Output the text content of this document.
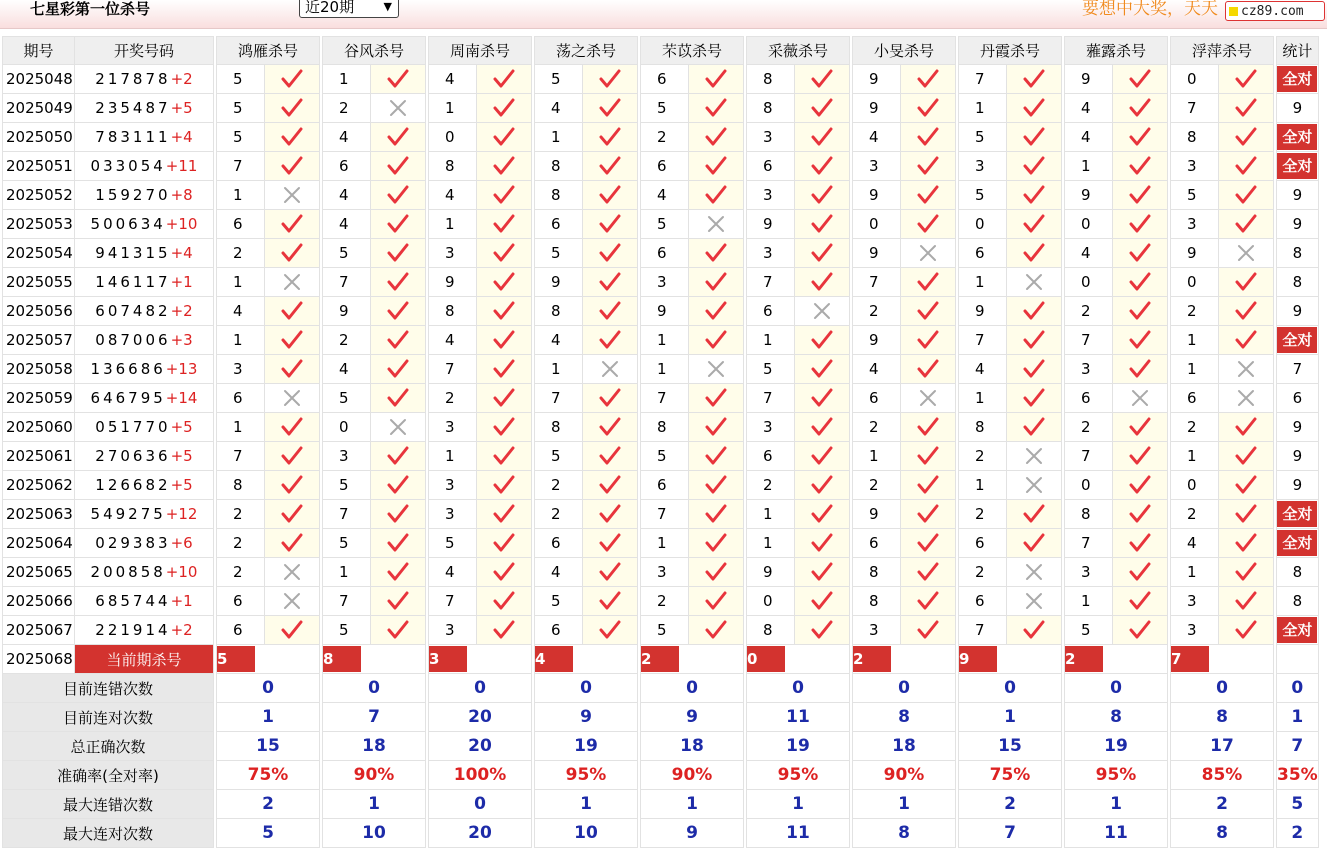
七星彩第一位杀号	近20期	▼	要想中大奖，天天	cz89.com
期号	开奖号码		鸿雁杀号			谷风杀号			周南杀号			荡之杀号			芣苡杀号			采薇杀号			小旻杀号			丹霞杀号			蕥露杀号			浮萍杀号			统计
2025048	217878+2		5			1			4			5			6			8			9			7			9			0			全对
2025049	235487+5		5			2			1			4			5			8			9			1			4			7			9
2025050	783111+4		5			4			0			1			2			3			4			5			4			8			全对
2025051	033054+11		7			6			8			8			6			6			3			3			1			3			全对
2025052	159270+8		1			4			4			8			4			3			9			5			9			5			9
2025053	500634+10		6			4			1			6			5			9			0			0			0			3			9
2025054	941315+4		2			5			3			5			6			3			9			6			4			9			8
2025055	146117+1		1			7			9			9			3			7			7			1			0			0			8
2025056	607482+2		4			9			8			8			9			6			2			9			2			2			9
2025057	087006+3		1			2			4			4			1			1			9			7			7			1			全对
2025058	136686+13		3			4			7			1			1			5			4			4			3			1			7
2025059	646795+14		6			5			2			7			7			7			6			1			6			6			6
2025060	051770+5		1			0			3			8			8			3			2			8			2			2			9
2025061	270636+5		7			3			1			5			5			6			1			2			7			1			9
2025062	126682+5		8			5			3			2			6			2			2			1			0			0			9
2025063	549275+12		2			7			3			2			7			1			9			2			8			2			全对
2025064	029383+6		2			5			5			6			1			1			6			6			7			4			全对
2025065	200858+10		2			1			4			4			3			9			8			2			3			1			8
2025066	685744+1		6			7			7			5			2			0			8			6			1			3			8
2025067	221914+2		6			5			3			6			5			8			3			7			5			3			全对
2025068	当前期杀号		5			8			3			4			2			0			2			9			2			7			
目前连错次数			0			0			0			0			0			0			0			0			0			0			0
目前连对次数			1			7			20			9			9			11			8			1			8			8			1
总正确次数			15			18			20			19			18			19			18			15			19			17			7
准确率(全对率)			75%			90%			100%			95%			90%			95%			90%			75%			95%			85%			35%
最大连错次数			2			1			0			1			1			1			1			2			1			2			5
最大连对次数			5			10			20			10			9			11			8			7			11			8			2
